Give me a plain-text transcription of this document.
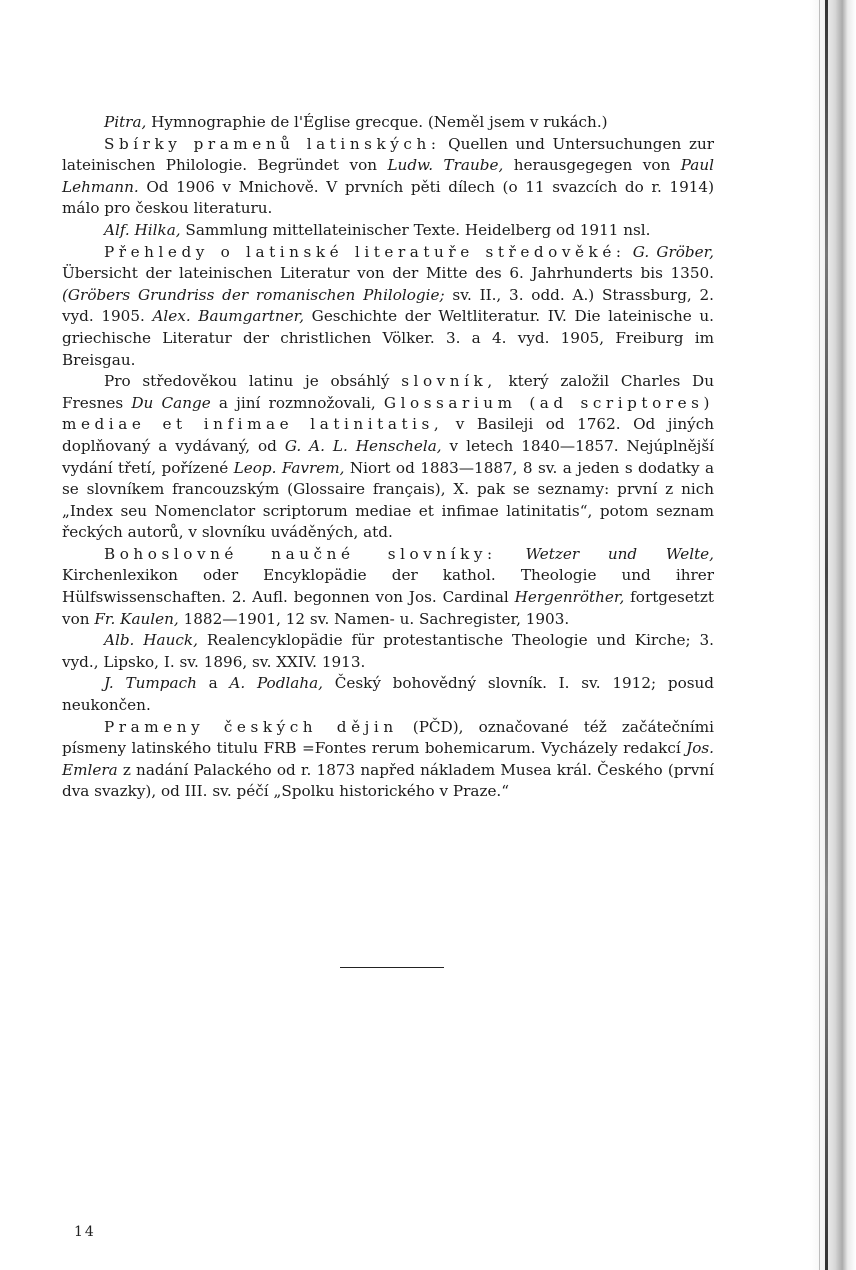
Pitra, Hymnographie de l'Église grecque. (Neměl jsem v rukách.)

Sbírky pramenů latinských: Quellen und Untersuchungen zur lateinischen Philologie. Begründet von Ludw. Traube, herausgegegen von Paul Lehmann. Od 1906 v Mnichově. V prvních pěti dílech (o 11 svazcích do r. 1914) málo pro českou literaturu.

Alf. Hilka, Sammlung mittellateinischer Texte. Heidelberg od 1911 nsl.

Přehledy o latinské literatuře středověké: G. Gröber, Übersicht der lateinischen Literatur von der Mitte des 6. Jahrhunderts bis 1350. (Gröbers Grundriss der romanischen Philologie; sv. II., 3. odd. A.) Strassburg, 2. vyd. 1905. Alex. Baumgartner, Geschichte der Weltliteratur. IV. Die lateinische u. griechische Literatur der christlichen Völker. 3. a 4. vyd. 1905, Freiburg im Breisgau.

Pro středověkou latinu je obsáhlý slovník, který založil Charles Du Fresnes Du Cange a jiní rozmnožovali, Glossarium (ad scriptores) mediae et infimae latinitatis, v Basileji od 1762. Od jiných doplňovaný a vydávaný, od G. A. L. Henschela, v letech 1840—1857. Nejúplnější vydání třetí, pořízené Leop. Favrem, Niort od 1883—1887, 8 sv. a jeden s dodatky a se slovníkem francouzským (Glossaire français), X. pak se seznamy: první z nich „Index seu Nomenclator scriptorum mediae et infimae latinitatis“, potom seznam řeckých autorů, v slovníku uváděných, atd.

Bohoslovné naučné slovníky: Wetzer und Welte, Kirchenlexikon oder Encyklopädie der kathol. Theologie und ihrer Hülfswissenschaften. 2. Aufl. begonnen von Jos. Cardinal Hergenröther, fortgesetzt von Fr. Kaulen, 1882—1901, 12 sv. Namen- u. Sachregister, 1903.

Alb. Hauck, Realencyklopädie für protestantische Theologie und Kirche; 3. vyd., Lipsko, I. sv. 1896, sv. XXIV. 1913.

J. Tumpach a A. Podlaha, Český bohovědný slovník. I. sv. 1912; posud neukončen.

Prameny českých dějin (PČD), označované též začátečními písmeny latinského titulu FRB =Fontes rerum bohemicarum. Vycházely redakcí Jos. Emlera z nadání Palackého od r. 1873 napřed nákladem Musea král. Českého (první dva svazky), od III. sv. péčí „Spolku historického v Praze.“

14
